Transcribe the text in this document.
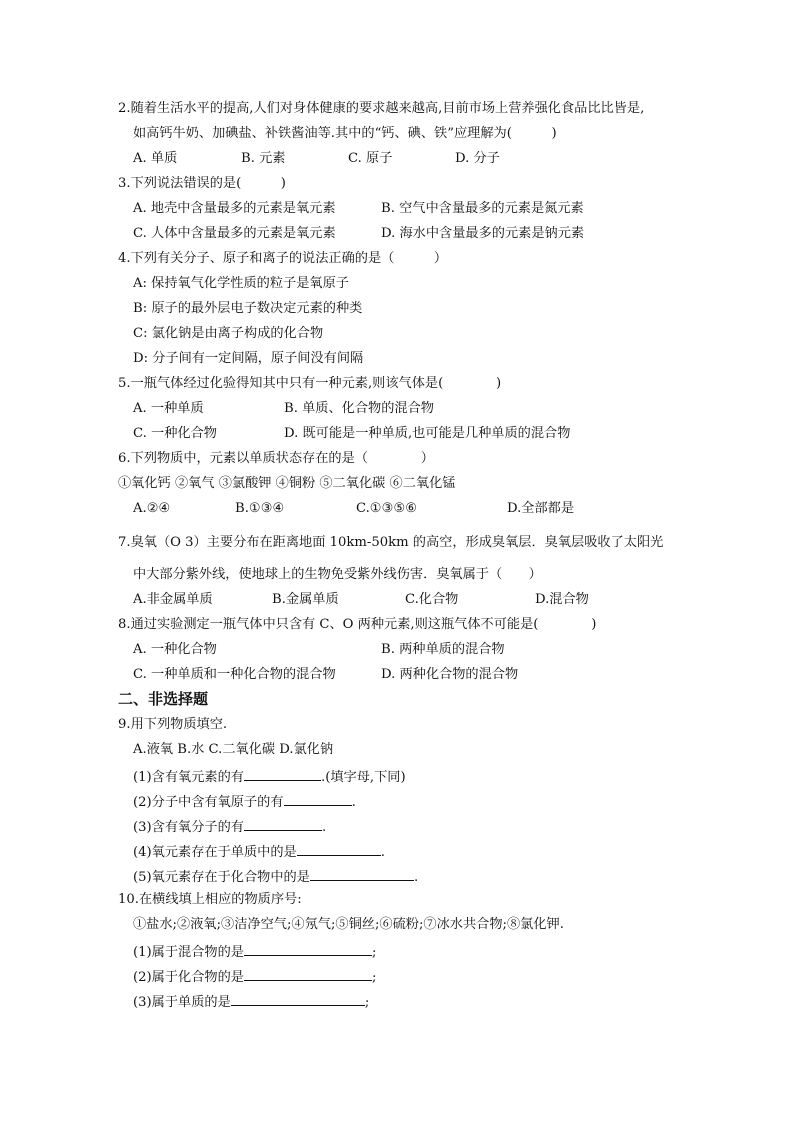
2.随着生活水平的提高,人们对身体健康的要求越来越高,目前市场上营养强化食品比比皆是,
如高钙牛奶、加碘盐、补铁酱油等.其中的“钙、碘、铁”应理解为(　　　)
A. 单质	B. 元素	C. 原子	D. 分子
3.下列说法错误的是(　　　)
A. 地壳中含量最多的元素是氧元素	B. 空气中含量最多的元素是氮元素
C. 人体中含量最多的元素是氧元素	D. 海水中含量最多的元素是钠元素
4.下列有关分子、原子和离子的说法正确的是（　　　）
A: 保持氧气化学性质的粒子是氧原子
B: 原子的最外层电子数决定元素的种类
C: 氯化钠是由离子构成的化合物
D: 分子间有一定间隔，原子间没有间隔
5.一瓶气体经过化验得知其中只有一种元素,则该气体是(　　　　)
A. 一种单质	B. 单质、化合物的混合物
C. 一种化合物	D. 既可能是一种单质,也可能是几种单质的混合物
6.下列物质中，元素以单质状态存在的是（　　　　）
①氧化钙 ②氧气 ③氯酸钾 ④铜粉 ⑤二氧化碳 ⑥二氧化锰
A.②④	B.①③④	C.①③⑤⑥	D.全部都是
7.臭氧（O 3）主要分布在距离地面 10km-50km 的高空，形成臭氧层．臭氧层吸收了太阳光
中大部分紫外线，使地球上的生物免受紫外线伤害．臭氧属于（　　）
A.非金属单质	B.金属单质	C.化合物	D.混合物
8.通过实验测定一瓶气体中只含有 C、O 两种元素,则这瓶气体不可能是(　　　　)
A. 一种化合物	B. 两种单质的混合物
C. 一种单质和一种化合物的混合物	D. 两种化合物的混合物
二、非选择题
9.用下列物质填空.
A.液氧 B.水 C.二氧化碳 D.氯化钠
(1)含有氧元素的有	.(填字母,下同)
(2)分子中含有氧原子的有	.
(3)含有氧分子的有	.
(4)氧元素存在于单质中的是	.
(5)氧元素存在于化合物中的是	.
10.在横线填上相应的物质序号:
①盐水;②液氧;③洁净空气;④氖气;⑤铜丝;⑥硫粉;⑦冰水共合物;⑧氯化钾.
(1)属于混合物的是	;
(2)属于化合物的是	;
(3)属于单质的是	;
